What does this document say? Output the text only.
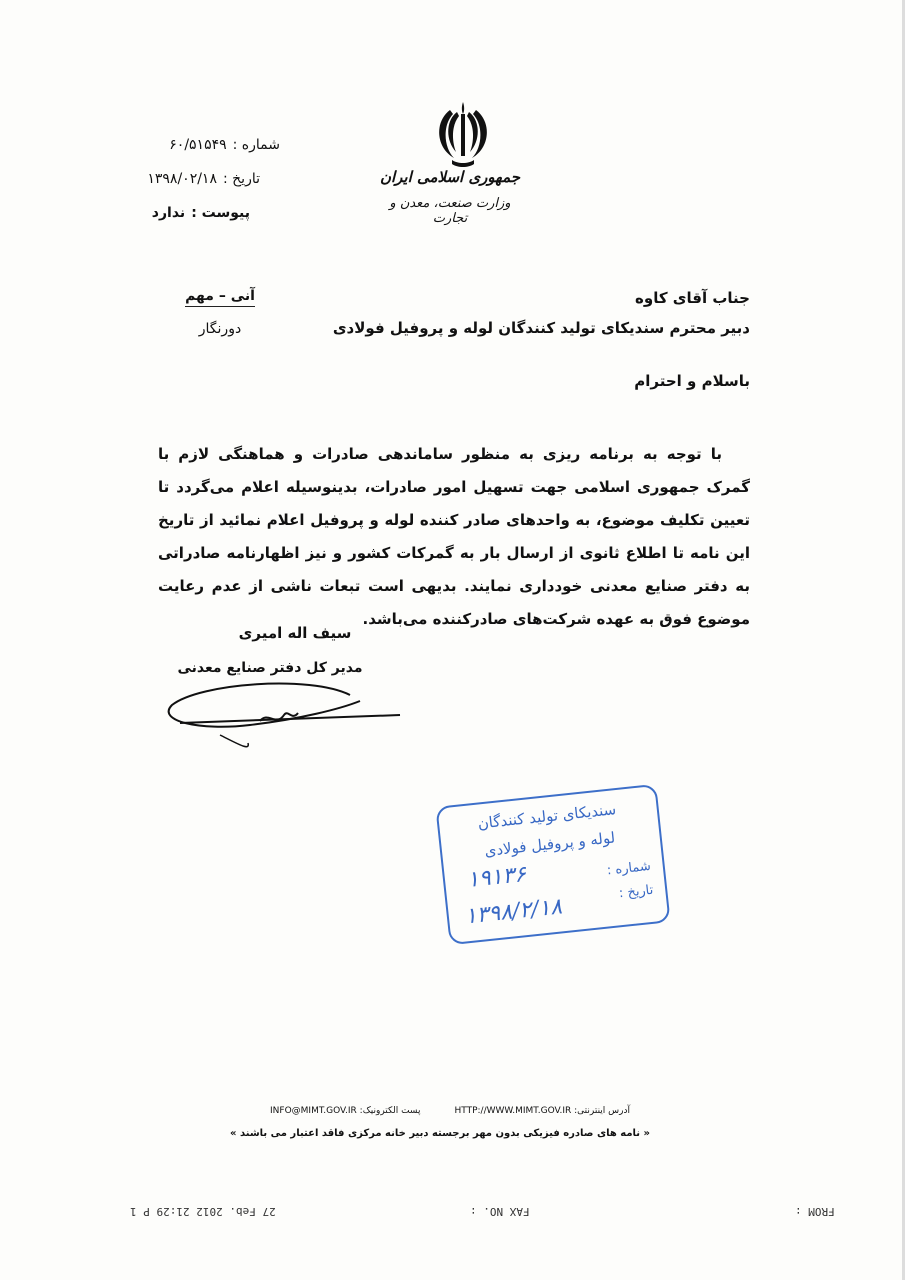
جمهوری اسلامی ایران
وزارت صنعت، معدن و تجارت
شماره :
۶۰/۵۱۵۴۹
تاریخ :
۱۳۹۸/۰۲/۱۸
پیوست :
ندارد
آنی – مهم
دورنگار
جناب آقای کاوه
دبیر محترم سندیکای تولید کنندگان لوله و پروفیل فولادی
باسلام و احترام

با توجه به برنامه ریزی به منظور ساماندهی صادرات و هماهنگی لازم با گمرک جمهوری اسلامی جهت تسهیل امور صادرات، بدینوسیله اعلام می‌گردد تا تعیین تکلیف موضوع، به واحدهای صادر کننده لوله و پروفیل اعلام نمائید از تاریخ این نامه تا اطلاع ثانوی از ارسال بار به گمرکات کشور و نیز اظهارنامه صادراتی به دفتر صنایع معدنی خودداری نمایند. بدیهی است تبعات ناشی از عدم رعایت موضوع فوق به عهده شرکت‌های صادرکننده می‌باشد.

سیف اله امیری
مدیر کل دفتر صنایع معدنی
سندیکای تولید کنندگان
لوله و پروفیل فولادی
شماره :
تاریخ :
۱۹۱۳۶
۱۳۹۸/۲/۱۸
آدرس اینترنتی: HTTP://WWW.MIMT.GOV.IR
پست الکترونیک: INFO@MIMT.GOV.IR
« نامه های صادره فیزیکی بدون مهر برجسته دبیر خانه مرکزی فاقد اعتبار می باشند »
FROM :
FAX NO. :
27 Feb. 2012 21:29 P 1
